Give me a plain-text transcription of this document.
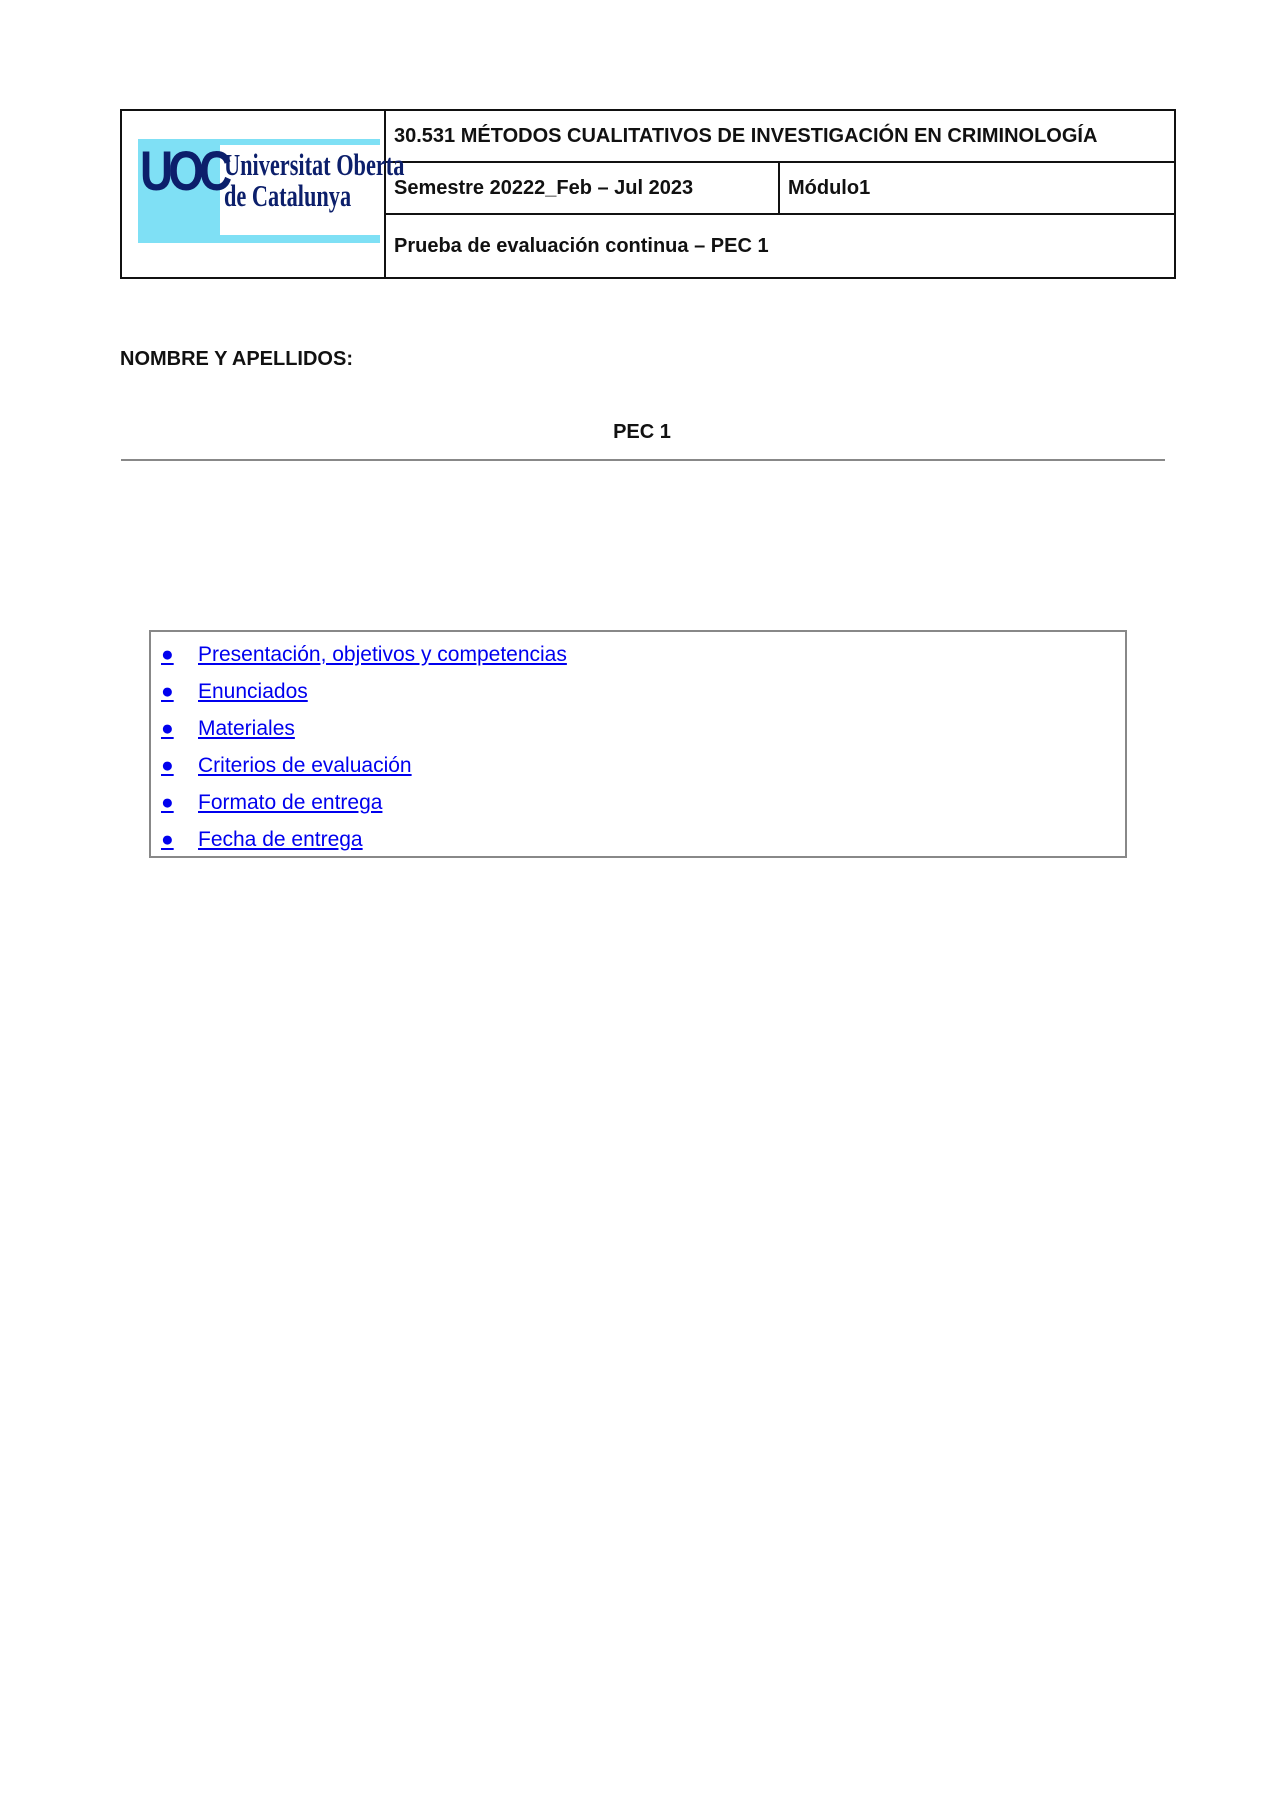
UOC
Universitat Oberta
de Catalunya
30.531 MÉTODOS CUALITATIVOS DE INVESTIGACIÓN EN CRIMINOLOGÍA
Semestre 20222_Feb – Jul 2023	Módulo1
Prueba de evaluación continua – PEC 1
NOMBRE Y APELLIDOS:
PEC 1
●	Presentación, objetivos y competencias
●	Enunciados
●	Materiales
●	Criterios de evaluación
●	Formato de entrega
●	Fecha de entrega
